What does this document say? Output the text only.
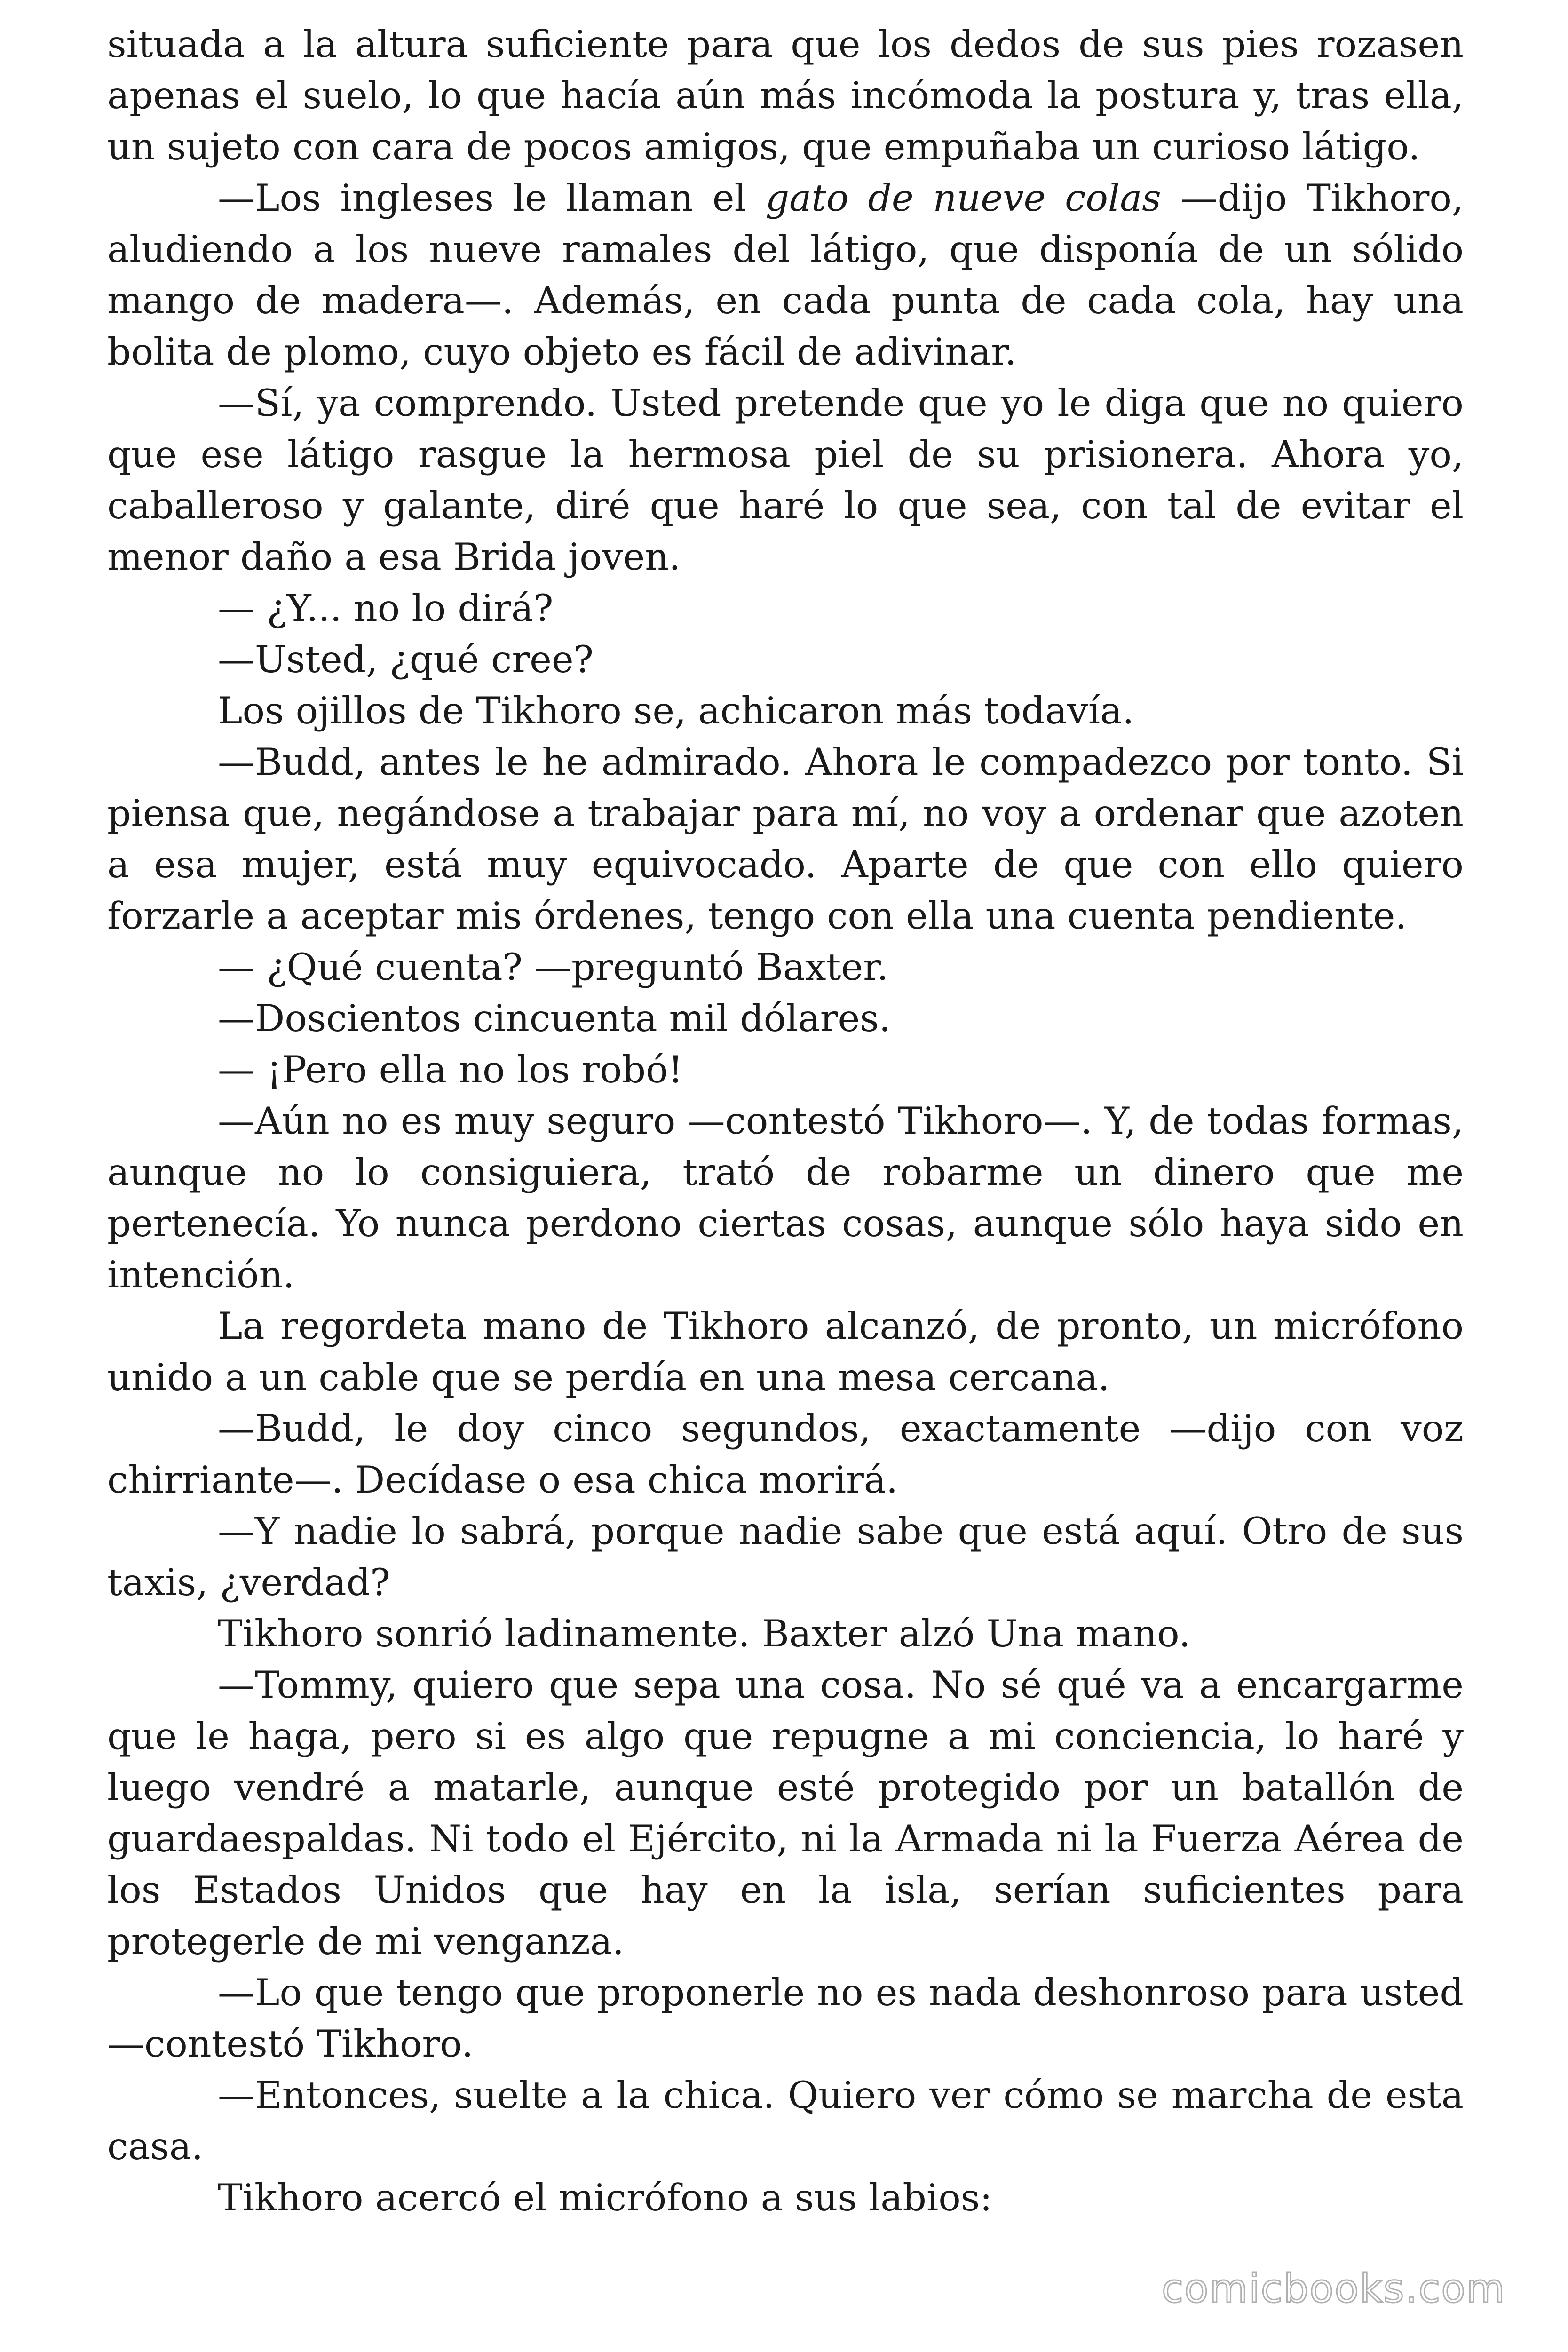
situada a la altura suficiente para que los dedos de sus pies rozasen apenas el suelo, lo que hacía aún más incómoda la postura y, tras ella, un sujeto con cara de pocos amigos, que empuñaba un curioso látigo.

—Los ingleses le llaman el gato de nueve colas —dijo Tikhoro, aludiendo a los nueve ramales del látigo, que disponía de un sólido mango de madera—. Además, en cada punta de cada cola, hay una bolita de plomo, cuyo objeto es fácil de adivinar.

—Sí, ya comprendo. Usted pretende que yo le diga que no quiero que ese látigo rasgue la hermosa piel de su prisionera. Ahora yo, caballeroso y galante, diré que haré lo que sea, con tal de evitar el menor daño a esa Brida joven.

— ¿Y... no lo dirá?

—Usted, ¿qué cree?

Los ojillos de Tikhoro se, achicaron más todavía.

—Budd, antes le he admirado. Ahora le compadezco por tonto. Si piensa que, negándose a trabajar para mí, no voy a ordenar que azoten a esa mujer, está muy equivocado. Aparte de que con ello quiero forzarle a aceptar mis órdenes, tengo con ella una cuenta pendiente.

— ¿Qué cuenta? —preguntó Baxter.

—Doscientos cincuenta mil dólares.

— ¡Pero ella no los robó!

—Aún no es muy seguro —contestó Tikhoro—. Y, de todas formas, aunque no lo consiguiera, trató de robarme un dinero que me pertenecía. Yo nunca perdono ciertas cosas, aunque sólo haya sido en intención.

La regordeta mano de Tikhoro alcanzó, de pronto, un micrófono unido a un cable que se perdía en una mesa cercana.

—Budd, le doy cinco segundos, exactamente —dijo con voz chirriante—. Decídase o esa chica morirá.

—Y nadie lo sabrá, porque nadie sabe que está aquí. Otro de sus taxis, ¿verdad?

Tikhoro sonrió ladinamente. Baxter alzó Una mano.

—Tommy, quiero que sepa una cosa. No sé qué va a encargarme que le haga, pero si es algo que repugne a mi conciencia, lo haré y luego vendré a matarle, aunque esté protegido por un batallón de guardaespaldas. Ni todo el Ejército, ni la Armada ni la Fuerza Aérea de los Estados Unidos que hay en la isla, serían suficientes para protegerle de mi venganza.

—Lo que tengo que proponerle no es nada deshonroso para usted —contestó Tikhoro.

—Entonces, suelte a la chica. Quiero ver cómo se marcha de esta casa.

Tikhoro acercó el micrófono a sus labios:

comicbooks.com
